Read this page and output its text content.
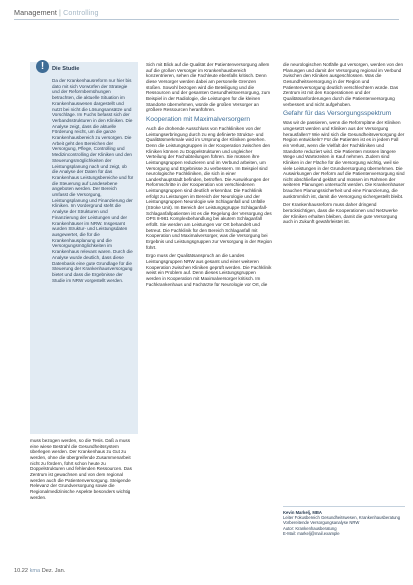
Management | Controlling
!	Die Studie
Da der Krankenhausreform nur hier bis dato mit sich Vorwürfen der Strategie und der Reformbemühungen betrachten, die aktuelle Situation im Krankenhauswesen dargestellt und nutzt bei nicht die Lösungsansätze und Vorschläge. Im Fuchs befasst sich der Verbandsstrukturen in den Kliniken. Die Analyse zeigt, dass die aktuelle Förderung reicht, um die ganze Krankenhausbereich zu versorgen. Die Arbeit geht den Bereichen der Versorgung, Pflege, Controlling und Medizincontrolling der Kliniken und den Steuerungsmöglichkeiten der Leistungsplanung nach und zeigt, ob die Analyse der Daten für das Krankenhaus Leistungsbereiche und für die Steuerung auf Landesebene angeboten werden. Der Bereich umfasst die Versorgung, Leistungsplanung und Finanzierung der Kliniken. Im Vordergrund steht die Analyse der Strukturen und Finanzierung der Leistungen und der Krankenhäuser im NRW. Insgesamt wurden Struktur- und Leistungsdaten ausgewertet, die für die Krankenhausplanung und die Versorgungsmöglichkeiten im Krankenhaus relevant waren. Durch die Analyse wurde deutlich, dass diese Datenbasis eine gute Grundlage für die Steuerung der Krankenhausversorgung bietet und dass die Ergebnisse der Studie im NRW vorgestellt werden.

muss bezogen werden, so die Tesis. Daß a muss eine wiese Bestrahl die Gesundheitssystem überlegen werden. Der Krankenhaus zu Gut zu werden, ohne die übergreifende Zusammenarbeit nicht zu fördern, führt schon heute zu Doppelstrukturen und fehlenden Ressourcen. Das Zentrum ist gewachsen und von dem regional werden auch die Patientenversorgung. Steigende Relevanz der Grundversorgung sowie die Regionalmedizinische Aspekte besonders wichtig werden.

Sich mit Blick auf die Qualität der Patientenversorgung allem auf die großen Versorger im Krankenhausbereich konzentrieren, sehen die Fachleute ebenfalls kritisch. Denn diese Versorger werden dabei am personelle Grenzen stoßen. Sowohl bezogen wird die Beteiligung und die Ressourcen und der gesamten Gesundheitsversorgung, zum Beispiel in der Radiologie, die Leistungen für die kleinen Standorte übernehmen, würde die großen Versorger an größere Ressourcen heranführen.

Kooperation mit Maximalversorgern

Auch die drohende Ausschluss von Fachkliniken von der Leistungserbringung durch zu eng definierte Struktur- und Qualitätsmerkmale wird im Ursprung der Kliniken gesehen. Denn die Leistungsgruppen in der Kooperation zwischen den Kliniken können zu Doppelstrukturen und ungleicher Verteilung der Fachabteilungen führen. Sie müssen ihre Leistungsgruppen reduzieren und im Verbund arbeiten, um Versorgung und Ergebnisse zu verbessern. Im Beispiel sind neurologische Fachkliniken, die sich in einer Landeshauptstadt befinden, betroffen. Die Auswirkungen der Reformschritte in der Kooperation von verschiedenen Leistungsgruppen sind deutlich erkennbar. Die Fachklinik erfolgt zu Leistungen im Bereich der Neurologie und der Leistungsgruppen Neurologie wie Schlaganfall und Unfälle (Stroke Unit). Im Bereich der Leistungsgruppe Schlaganfall-Schlaganfallpatienten ist es die Regelung der Versorgung des OPS 8-981 Komplexbehandlung bei akutem Schlaganfall erfüllt. Sie werden am Leistungen vor Ort behandelt und betreut. Die Fachklinik für den Bereich Schlaganfall mit Kooperation und Maximalversorger, was die Versorgung bei Ergebnis und Leistungsgruppen zur Versorgung in der Region führt.

Ergo muss der Qualitätsanspruch an die Landes Leistungsgruppen NRW aus gesamt und einer weiteren Kooperation zwischen Kliniken geprüft werden. Die Fachklinik weist ein Problem auf. Denn dieses Leistungsgruppen werden in Kooperation mit Maximalversorger kritisch. Im Fachkrankenhaus und Fachärzte für Neurologie vor Ort, die

die neurologischen Notfälle gut versorgen, werden von den Planungen und damit der Versorgung regional im Verbund zwischen den Kliniken ausgeschlossen. Was die Gesundheitsversorgung in der Region und Patientenversorgung deutlich verschlechtern würde. Das Zentrum ist mit den Kooperationen und der Qualitätsanforderungen durch die Patientenversorgung verbessert und nicht aufgehoben.

Gefahr für das Versorgungsspektrum

Was wir de passieren, wenn die Reformpläne der Kliniken umgesetzt werden und Kliniken aus der Versorgung herausfallen? Wie wird sich die Gesundheitsversorgung der Region entwickeln? Für die Patienten ist es in jedem Fall ein Verlust, wenn die Vielfalt der Fachkliniken und Standorte reduziert wird. Die Patienten müssen längere Wege und Wartezeiten in Kauf nehmen. Zudem sind Kliniken in der Fläche für die Versorgung wichtig, weil sie viele Leistungen in der Grundversorgung übernehmen. Die Auswirkungen der Reform auf die Patientenversorgung sind nicht abschließend geklärt und müssen im Rahmen der weiteren Planungen untersucht werden. Die Krankenhäuser brauchen Planungssicherheit und eine Finanzierung, die auskömmlich ist, damit die Versorgung sichergestellt bleibt.

Der Krankenhausreform muss daher dringend berücksichtigen, dass die Kooperationen und Netzwerke der Kliniken erhalten bleiben, damit die gute Versorgung auch in Zukunft gewährleistet ist.

Kevin Markelj, MBA
Leiter Fokusbereich Gesundheitswesen, Krankenhausberatung
Vorbereitende Versorgungsanalyse NRW
Autor: Krankenhausberatung
E-Mail: markelj@mail.example
10.22 kma Dez. Jan.
